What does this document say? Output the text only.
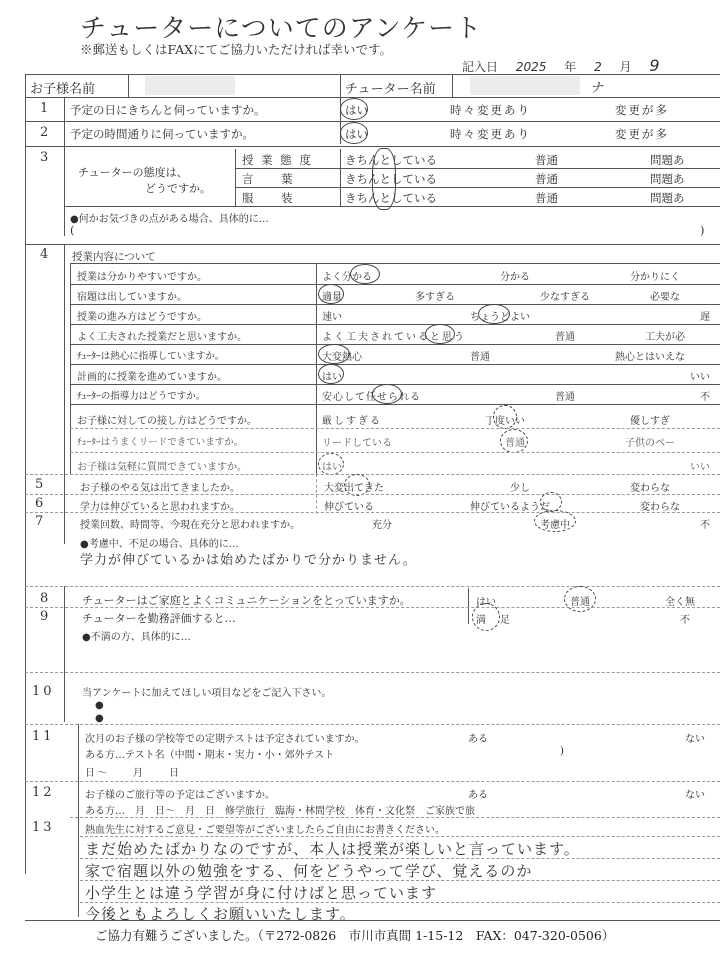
チューターについてのアンケート
※郵送もしくはFAXにてご協力いただければ幸いです。
記入日 2025 年 2 月 9
お子様名前	チューター名前	ナ
1 予定の日にきちんと伺っていますか。	はい	時々変更あり	変更が多
2 予定の時間通りに伺っていますか。	はい	時々変更あり	変更が多
3
チューターの態度は、
どうですか。
授 業 態 度	きちんとしている	普通	問題あ
言　葉	きちんとしている	普通	問題あ
服　装	きちんとしている	普通	問題あ
●何かお気づきの点がある場合、具体的に…
(	)
4 授業内容について
授業は分かりやすいですか。	よく分かる	分かる	分かりにく
宿題は出していますか。	適量	多すぎる	少なすぎる	必要な
授業の進み方はどうですか。	速い	ちょうどよい	遅
よく工夫された授業だと思いますか。	よく工夫されていると思う	普通	工夫が必
ﾁｭｰﾀｰは熱心に指導していますか。	大変熱心	普通	熱心とはいえな
計画的に授業を進めていますか。	はい	いい
ﾁｭｰﾀｰの指導力はどうですか。	安心して任せられる	普通	不
お子様に対しての接し方はどうですか。	厳しすぎる	丁度いい	優しすぎ
ﾁｭｰﾀｰはうまくリードできていますか。	リードしている	普通	子供のペー
お子様は気軽に質問できていますか。	はい	いい
5	お子様のやる気は出てきましたか。	大変出てきた	少し	変わらな
6	学力は伸びていると思われますか。	伸びている	伸びているようだ	変わらな
7	授業回数、時間等、今現在充分と思われますか。	充分	考慮中	不
●考慮中、不足の場合、具体的に…
学力が伸びているかは始めたばかりで分かりません。
8	チューターはご家庭とよくコミュニケーションをとっていますか。	はい	普通	全く無
9	チューターを勤務評価すると…	満足	不
●不満の方、具体的に…
10	当アンケートに加えてほしい項目などをご記入下さい。
●
●
11	次月のお子様の学校等での定期テストは予定されていますか。	ある	ない
ある方…テスト名（中間・期末・実力・小・郊外テスト	)
日～　　月　　日
12	お子様のご旅行等の予定はございますか。	ある	ない
ある方…　月　日～　月　日　修学旅行　臨海・林間学校　体育・文化祭　ご家族で旅
13	熱血先生に対するご意見・ご要望等がございましたらご自由にお書きください。
まだ始めたばかりなのですが、本人は授業が楽しいと言っています。
家で宿題以外の勉強をする、何をどうやって学び、覚えるのか
小学生とは違う学習が身に付けばと思っています
今後ともよろしくお願いいたします。
ご協力有難うございました。（〒272-0826　市川市真間 1-15-12　FAX：047-320-0506）
